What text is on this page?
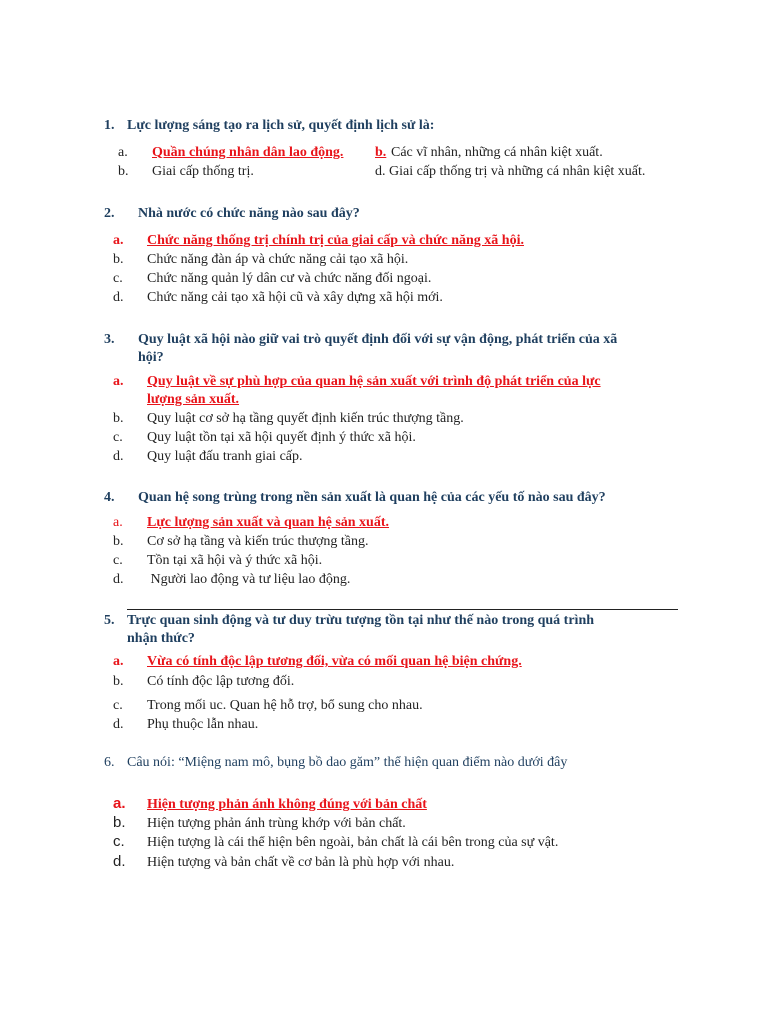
1. Lực lượng sáng tạo ra lịch sử, quyết định lịch sử là:
a. Quần chúng nhân dân lao động. b. Các vĩ nhân, những cá nhân kiệt xuất.
b. Giai cấp thống trị.	d. Giai cấp thống trị và những cá nhân kiệt xuất.
2. Nhà nước có chức năng nào sau đây?
a. Chức năng thống trị chính trị của giai cấp và chức năng xã hội.
b. Chức năng đàn áp và chức năng cải tạo xã hội.
c. Chức năng quản lý dân cư và chức năng đối ngoại.
d. Chức năng cải tạo xã hội cũ và xây dựng xã hội mới.
3. Quy luật xã hội nào giữ vai trò quyết định đối với sự vận động, phát triển của xã
hội?
a. Quy luật về sự phù hợp của quan hệ sản xuất với trình độ phát triển của lực
lượng sản xuất.
b. Quy luật cơ sở hạ tầng quyết định kiến trúc thượng tầng.
c. Quy luật tồn tại xã hội quyết định ý thức xã hội.
d. Quy luật đấu tranh giai cấp.
4. Quan hệ song trùng trong nền sản xuất là quan hệ của các yếu tố nào sau đây?
a. Lực lượng sản xuất và quan hệ sản xuất.
b. Cơ sở hạ tầng và kiến trúc thượng tầng.
c. Tồn tại xã hội và ý thức xã hội.
d. Người lao động và tư liệu lao động.
5. Trực quan sinh động và tư duy trừu tượng tồn tại như thế nào trong quá trình
nhận thức?
a. Vừa có tính độc lập tương đối, vừa có mối quan hệ biện chứng.
b. Có tính độc lập tương đối.
c. Trong mối uc. Quan hệ hỗ trợ, bổ sung cho nhau.
d. Phụ thuộc lẫn nhau.
6. Câu nói: “Miệng nam mô, bụng bồ dao găm” thể hiện quan điểm nào dưới đây
a. Hiện tượng phản ánh không đúng với bản chất
b. Hiện tượng phản ánh trùng khớp với bản chất.
c. Hiện tượng là cái thể hiện bên ngoài, bản chất là cái bên trong của sự vật.
d. Hiện tượng và bản chất về cơ bản là phù hợp với nhau.
